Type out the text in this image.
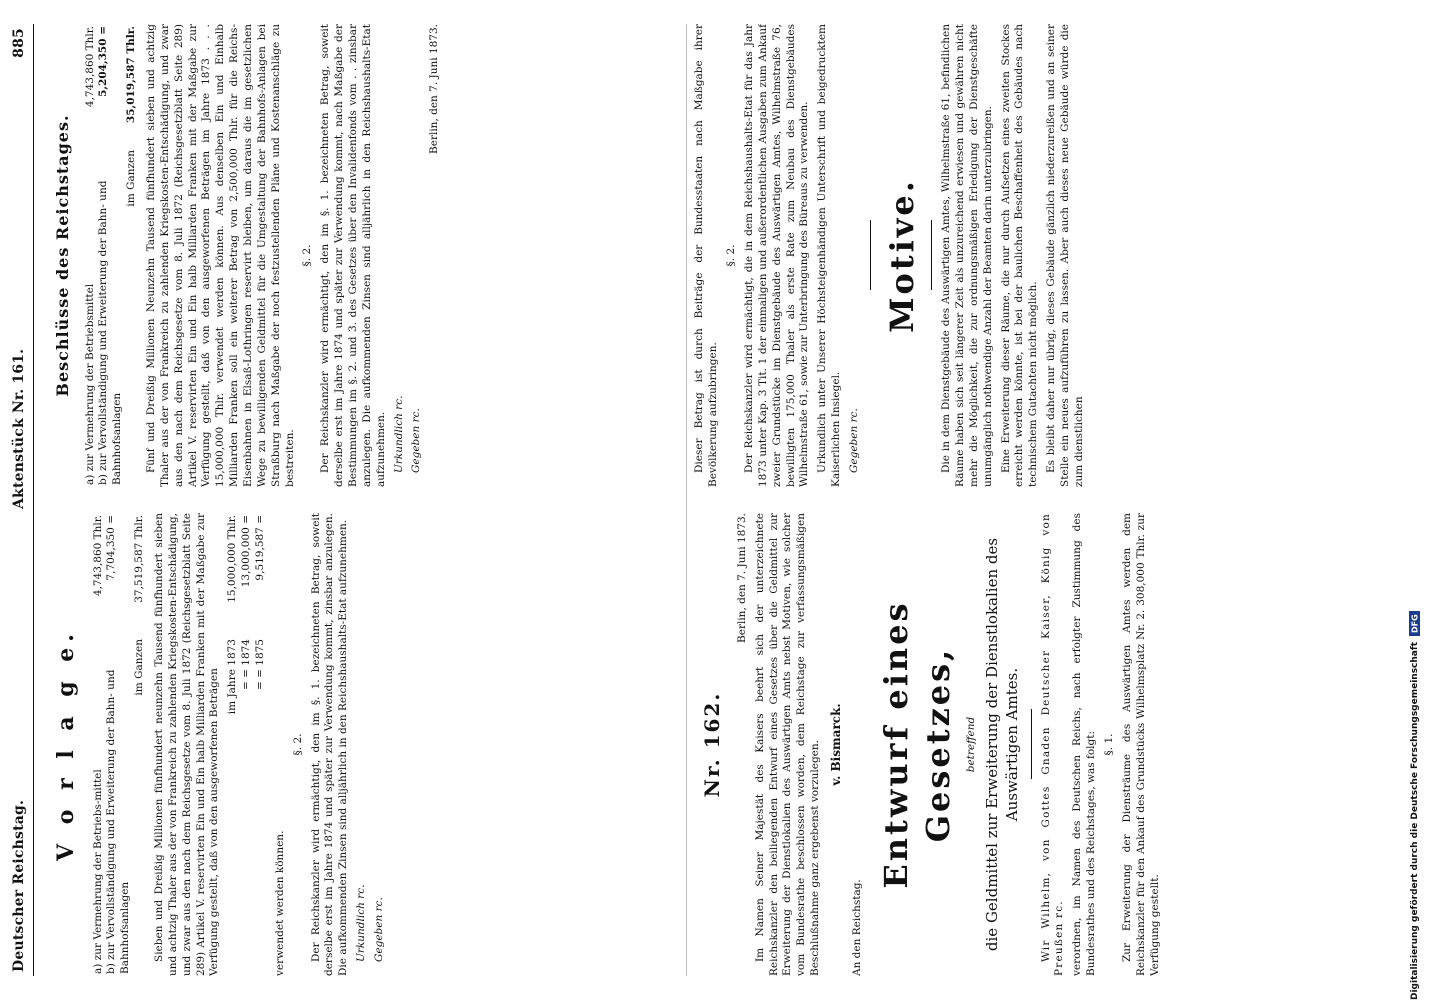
Deutscher Reichstag.
Aktenstück Nr. 161.
885
V o r l a g e.
a) zur Vermehrung der Betriebs-mittel	4,743,860 Thlr.
b) zur Vervollständigung und Erweiterung der Bahn- und Bahnhofsanlagen	7,704,350 =
im Ganzen	37,519,587 Thlr. Sieben und Dreißig Millionen fünfhundert neunzehn Tausend fünfhundert sieben und achtzig Thaler aus der von Frankreich zu zahlenden Kriegskosten-Entschädigung, und zwar aus den nach dem Reichsgesetze vom 8. Juli 1872 (Reichsgesetzblatt Seite 289) Artikel V. reservirten Ein und Ein halb Milliarden Franken mit der Maßgabe zur Verfügung gestellt, daß von den ausgeworfenen Beträgen im Jahre 1873	15,000,000 Thlr.
= = 1874	13,000,000 =
= = 1875	9,519,587 =

verwendet werden können.

§. 2. Der Reichskanzler wird ermächtigt, den im §. 1. bezeichneten Betrag, soweit derselbe erst im Jahre 1874 und später zur Verwendung kommt, zinsbar anzulegen. Die aufkommenden Zinsen sind alljährlich in den Reichshaushalts-Etat aufzunehmen. Urkundlich rc. Gegeben rc.

Beschlüsse des Reichstages. a) zur Vermehrung der Betriebsmittel	4,743,860 Thlr.
b) zur Vervollständigung und Erweiterung der Bahn- und Bahnhofsanlagen	5,204,350 =
im Ganzen	35,019,587 Thlr. Fünf und Dreißig Millionen Neunzehn Tausend fünfhundert sieben und achtzig Thaler aus der von Frankreich zu zahlenden Kriegskosten-Entschädigung, und zwar aus den nach dem Reichsgesetze vom 8. Juli 1872 (Reichsgesetzblatt Seite 289) Artikel V. reservirten Ein und Ein halb Milliarden Franken mit der Maßgabe zur Verfügung gestellt, daß von den ausgeworfenen Beträgen im Jahre 1873 . . . 15,000,000 Thlr. verwendet werden können. Aus denselben Ein und Einhalb Milliarden Franken soll ein weiterer Betrag von 2,500,000 Thlr. für die Reichs-Eisenbahnen in Elsaß-Lothringen reservirt bleiben, um daraus die im gesetzlichen Wege zu bewilligenden Geldmittel für die Umgestaltung der Bahnhofs-Anlagen bei Straßburg nach Maßgabe der noch festzustellenden Pläne und Kostenanschläge zu bestreiten.

§. 2. Der Reichskanzler wird ermächtigt, den im §. 1. bezeichneten Betrag, soweit derselbe erst im Jahre 1874 und später zur Verwendung kommt, nach Maßgabe der Bestimmungen im §. 2. und 3. des Gesetzes über den Invalidenfonds vom . . zinsbar anzulegen. Die aufkommenden Zinsen sind alljährlich in den Reichshaushalts-Etat aufzunehmen. Urkundlich rc. Gegeben rc.

Berlin, den 7. Juni 1873.

Nr. 162.

Berlin, den 7. Juni 1873. Im Namen Seiner Majestät des Kaisers beehrt sich der unterzeichnete Reichskanzler den beiliegenden Entwurf eines Gesetzes über die Geldmittel zur Erweiterung der Dienstlokalien des Auswärtigen Amts nebst Motiven, wie solcher vom Bundesrathe beschlossen worden, dem Reichstage zur verfassungsmäßigen Beschlußnahme ganz ergebenst vorzulegen. v. Bismarck.

An den Reichstag.

Entwurf eines Gesetzes, betreffend die Geldmittel zur Erweiterung der Dienstlokalien des Auswärtigen Amtes. Wir Wilhelm, von Gottes Gnaden Deutscher Kaiser, König von Preußen rc. verordnen, im Namen des Deutschen Reichs, nach erfolgter Zustimmung des Bundesrathes und des Reichstages, was folgt: §. 1. Zur Erweiterung der Diensträume des Auswärtigen Amtes werden dem Reichskanzler für den Ankauf des Grundstücks Wilhelmsplatz Nr. 2. 308,000 Thlr. zur Verfügung gestellt.

Dieser Betrag ist durch Beiträge der Bundesstaaten nach Maßgabe ihrer Bevölkerung aufzubringen.

§. 2. Der Reichskanzler wird ermächtigt, die in dem Reichshaushalts-Etat für das Jahr 1873 unter Kap. 3 Tit. 1 der einmaligen und außerordentlichen Ausgaben zum Ankauf zweier Grundstücke im Dienstgebäude des Auswärtigen Amtes, Wilhelmstraße 76, bewilligten 175,000 Thaler als erste Rate zum Neubau des Dienstgebäudes Wilhelmstraße 61, sowie zur Unterbringung des Büreaus zu verwenden. Urkundlich unter Unserer Höchsteigenhändigen Unterschrift und beigedrucktem Kaiserlichen Insiegel. Gegeben rc.

Motive. Die in dem Dienstgebäude des Auswärtigen Amtes, Wilhelmstraße 61, befindlichen Räume haben sich seit längerer Zeit als unzureichend erwiesen und gewähren nicht mehr die Möglichkeit, die zur ordnungsmäßigen Erledigung der Dienstgeschäfte unumgänglich nothwendige Anzahl der Beamten darin unterzubringen. Eine Erweiterung dieser Räume, die nur durch Aufsetzen eines zweiten Stockes erreicht werden könnte, ist bei der baulichen Beschaffenheit des Gebäudes nach technischem Gutachten nicht möglich. Es bleibt daher nur übrig, dieses Gebäude gänzlich niederzureißen und an seiner Stelle ein neues aufzuführen zu lassen. Aber auch dieses neue Gebäude würde die zum dienstlichen

Digitalisierung gefördert durch die Deutsche Forschungsgemeinschaft
DFG
